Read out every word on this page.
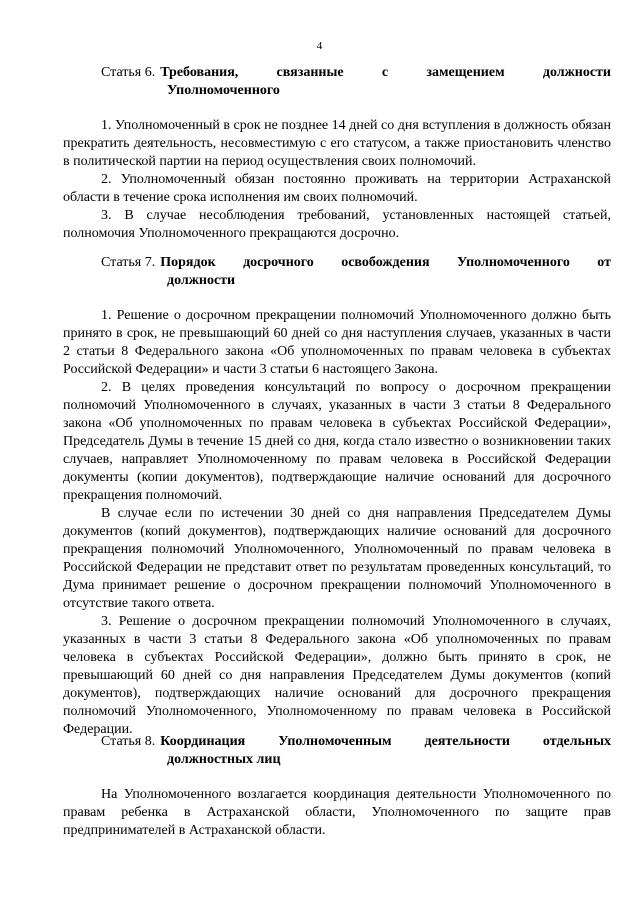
4
Статья 6. Требования, связанные с замещением должности
Уполномоченного

1. Уполномоченный в срок не позднее 14 дней со дня вступления в должность обязан прекратить деятельность, несовместимую с его статусом, а также приостановить членство в политической партии на период осуществления своих полномочий.

2. Уполномоченный обязан постоянно проживать на территории Астраханской области в течение срока исполнения им своих полномочий.

3. В случае несоблюдения требований, установленных настоящей статьей, полномочия Уполномоченного прекращаются досрочно.

Статья 7. Порядок досрочного освобождения Уполномоченного от
должности

1. Решение о досрочном прекращении полномочий Уполномоченного должно быть принято в срок, не превышающий 60 дней со дня наступления случаев, указанных в части 2 статьи 8 Федерального закона «Об уполномоченных по правам человека в субъектах Российской Федерации» и части 3 статьи 6 настоящего Закона.

2. В целях проведения консультаций по вопросу о досрочном прекращении полномочий Уполномоченного в случаях, указанных в части 3 статьи 8 Федерального закона «Об уполномоченных по правам человека в субъектах Российской Федерации», Председатель Думы в течение 15 дней со дня, когда стало известно о возникновении таких случаев, направляет Уполномоченному по правам человека в Российской Федерации документы (копии документов), подтверждающие наличие оснований для досрочного прекращения полномочий.

В случае если по истечении 30 дней со дня направления Председателем Думы документов (копий документов), подтверждающих наличие оснований для досрочного прекращения полномочий Уполномоченного, Уполномоченный по правам человека в Российской Федерации не представит ответ по результатам проведенных консультаций, то Дума принимает решение о досрочном прекращении полномочий Уполномоченного в отсутствие такого ответа.

3. Решение о досрочном прекращении полномочий Уполномоченного в случаях, указанных в части 3 статьи 8 Федерального закона «Об уполномоченных по правам человека в субъектах Российской Федерации», должно быть принято в срок, не превышающий 60 дней со дня направления Председателем Думы документов (копий документов), подтверждающих наличие оснований для досрочного прекращения полномочий Уполномоченного, Уполномоченному по правам человека в Российской Федерации.

Статья 8. Координация Уполномоченным деятельности отдельных
должностных лиц

На Уполномоченного возлагается координация деятельности Уполномоченного по правам ребенка в Астраханской области, Уполномоченного по защите прав предпринимателей в Астраханской области.
